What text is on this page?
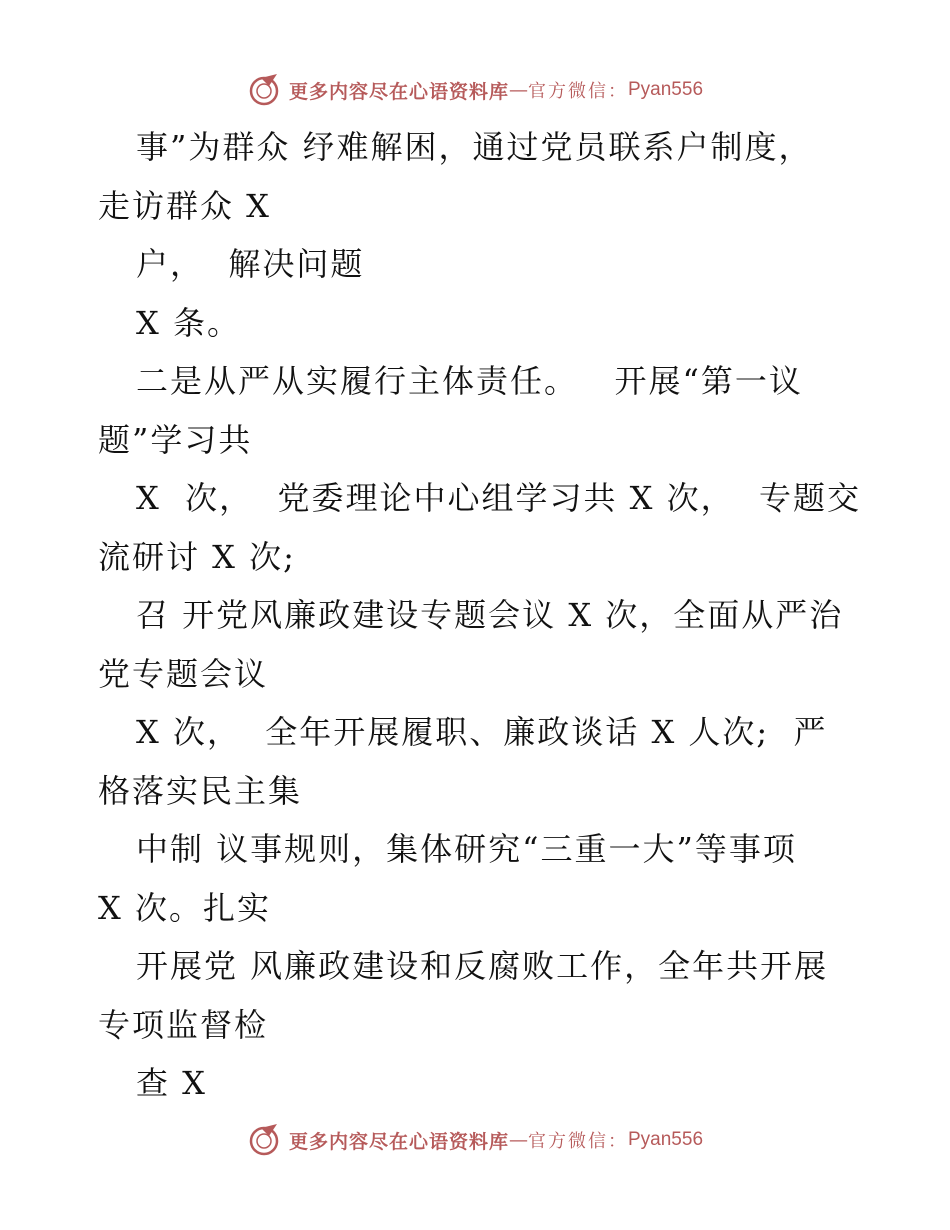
更多内容尽在心语资料库 — 官方微信： Pyan556
事”为群众 纾难解困，通过党员联系户制度，
走访群众 X
户，  解决问题
X 条。
二是从严从实履行主体责任。   开展“第一议
题”学习共
X  次，  党委理论中心组学习共 X 次，  专题交
流研讨 X 次;
召 开党风廉政建设专题会议 X 次，全面从严治
党专题会议
X 次，  全年开展履职、廉政谈话 X 人次;  严
格落实民主集
中制 议事规则，集体研究“三重一大”等事项
X 次。扎实
开展党 风廉政建设和反腐败工作，全年共开展
专项监督检
查 X
更多内容尽在心语资料库 — 官方微信： Pyan556
